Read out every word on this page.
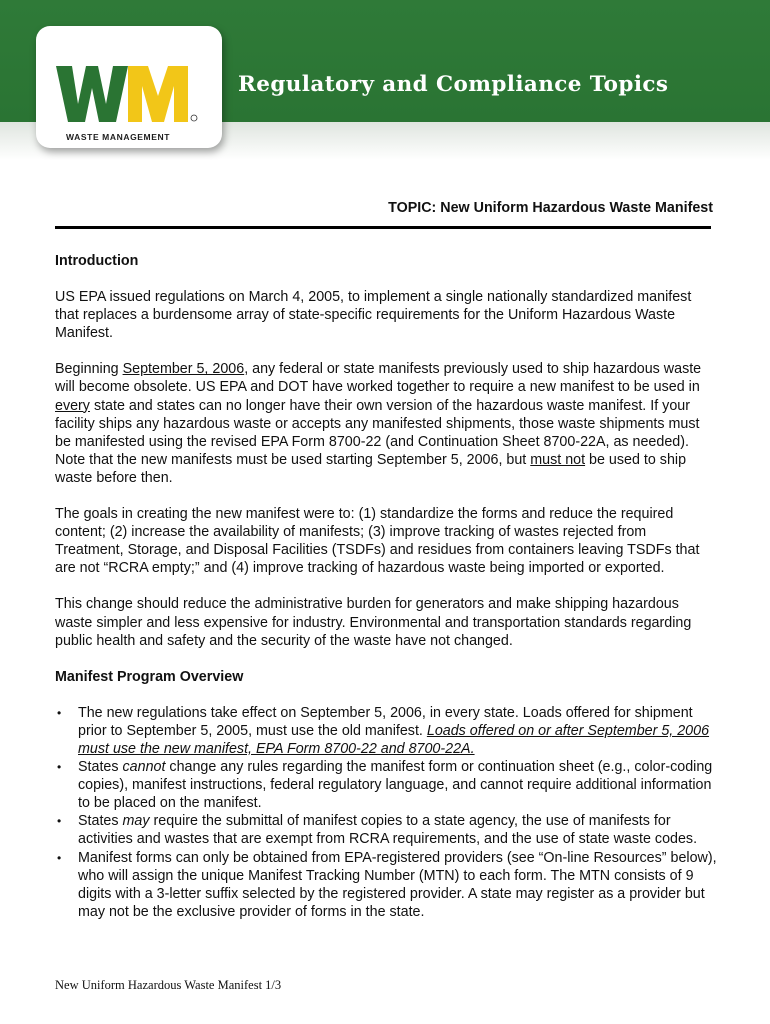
WASTE MANAGEMENT
Regulatory and Compliance Topics
TOPIC: New Uniform Hazardous Waste Manifest
Introduction

US EPA issued regulations on March 4, 2005, to implement a single nationally standardized manifest that replaces a burdensome array of state-specific requirements for the Uniform Hazardous Waste Manifest.

Beginning September 5, 2006, any federal or state manifests previously used to ship hazardous waste will become obsolete. US EPA and DOT have worked together to require a new manifest to be used in every state and states can no longer have their own version of the hazardous waste manifest. If your facility ships any hazardous waste or accepts any manifested shipments, those waste shipments must be manifested using the revised EPA Form 8700-22 (and Continuation Sheet 8700-22A, as needed). Note that the new manifests must be used starting September 5, 2006, but must not be used to ship waste before then.

The goals in creating the new manifest were to: (1) standardize the forms and reduce the required content; (2) increase the availability of manifests; (3) improve tracking of wastes rejected from Treatment, Storage, and Disposal Facilities (TSDFs) and residues from containers leaving TSDFs that are not “RCRA empty;” and (4) improve tracking of hazardous waste being imported or exported.

This change should reduce the administrative burden for generators and make shipping hazardous waste simpler and less expensive for industry. Environmental and transportation standards regarding public health and safety and the security of the waste have not changed.

Manifest Program Overview
• The new regulations take effect on September 5, 2006, in every state. Loads offered for shipment prior to September 5, 2005, must use the old manifest. Loads offered on or after September 5, 2006 must use the new manifest, EPA Form 8700-22 and 8700-22A.
• States cannot change any rules regarding the manifest form or continuation sheet (e.g., color-coding copies), manifest instructions, federal regulatory language, and cannot require additional information to be placed on the manifest.
• States may require the submittal of manifest copies to a state agency, the use of manifests for activities and wastes that are exempt from RCRA requirements, and the use of state waste codes.
• Manifest forms can only be obtained from EPA-registered providers (see “On-line Resources” below), who will assign the unique Manifest Tracking Number (MTN) to each form. The MTN consists of 9 digits with a 3-letter suffix selected by the registered provider. A state may register as a provider but may not be the exclusive provider of forms in the state.
New Uniform Hazardous Waste Manifest 1/3
